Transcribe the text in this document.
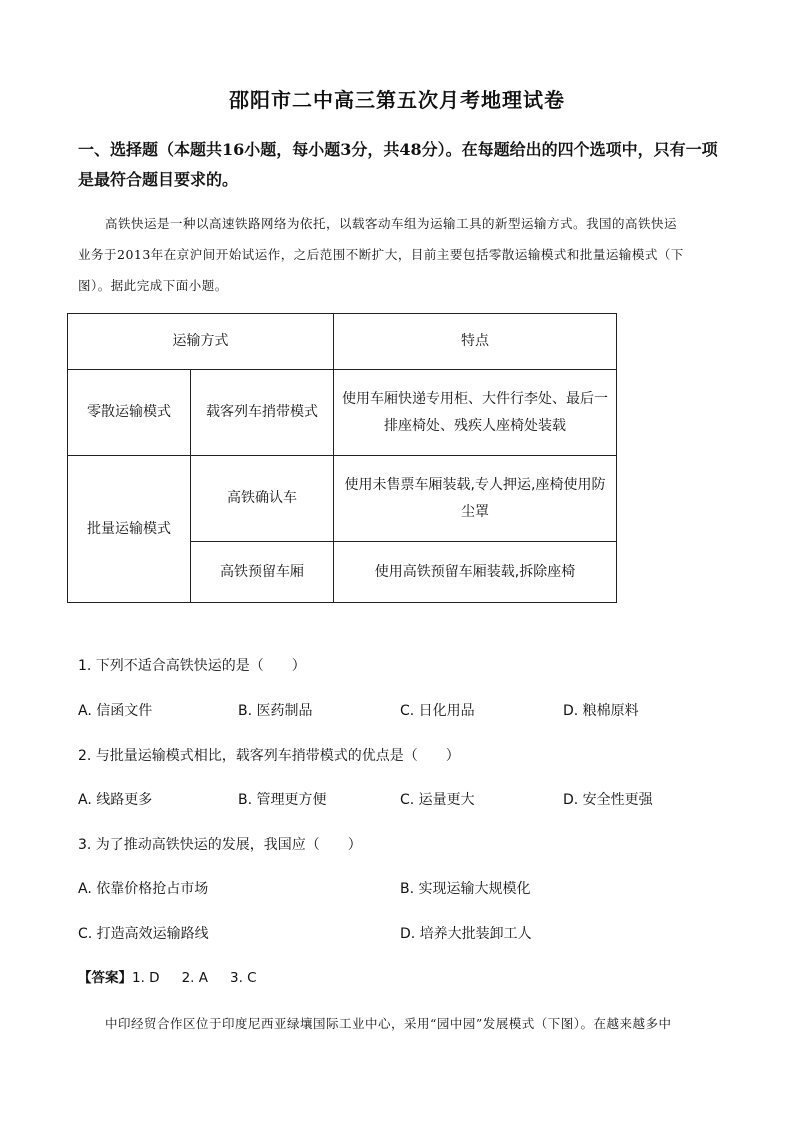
邵阳市二中高三第五次月考地理试卷
一、选择题（本题共16小题，每小题3分，共48分）。在每题给出的四个选项中，只有一项
是最符合题目要求的。
高铁快运是一种以高速铁路网络为依托，以载客动车组为运输工具的新型运输方式。我国的高铁快运
业务于2013年在京沪间开始试运作，之后范围不断扩大，目前主要包括零散运输模式和批量运输模式（下
图）。据此完成下面小题。
运输方式		特点
零散运输模式	载客列车捎带模式	使用车厢快递专用柜、大件行李处、最后一
排座椅处、残疾人座椅处装载

批量运输模式	高铁确认车	使用未售票车厢装载,专人押运,座椅使用防
尘罩

	高铁预留车厢	使用高铁预留车厢装载,拆除座椅
1. 下列不适合高铁快运的是（　　）
A. 信函文件	B. 医药制品	C. 日化用品	D. 粮棉原料
2. 与批量运输模式相比，载客列车捎带模式的优点是（　　）
A. 线路更多	B. 管理更方便	C. 运量更大	D. 安全性更强
3. 为了推动高铁快运的发展，我国应（　　）
A. 依靠价格抢占市场	B. 实现运输大规模化
C. 打造高效运输路线	D. 培养大批装卸工人
【答案】1. D 2. A 3. C
中印经贸合作区位于印度尼西亚绿壤国际工业中心，采用“园中园”发展模式（下图）。在越来越多中
